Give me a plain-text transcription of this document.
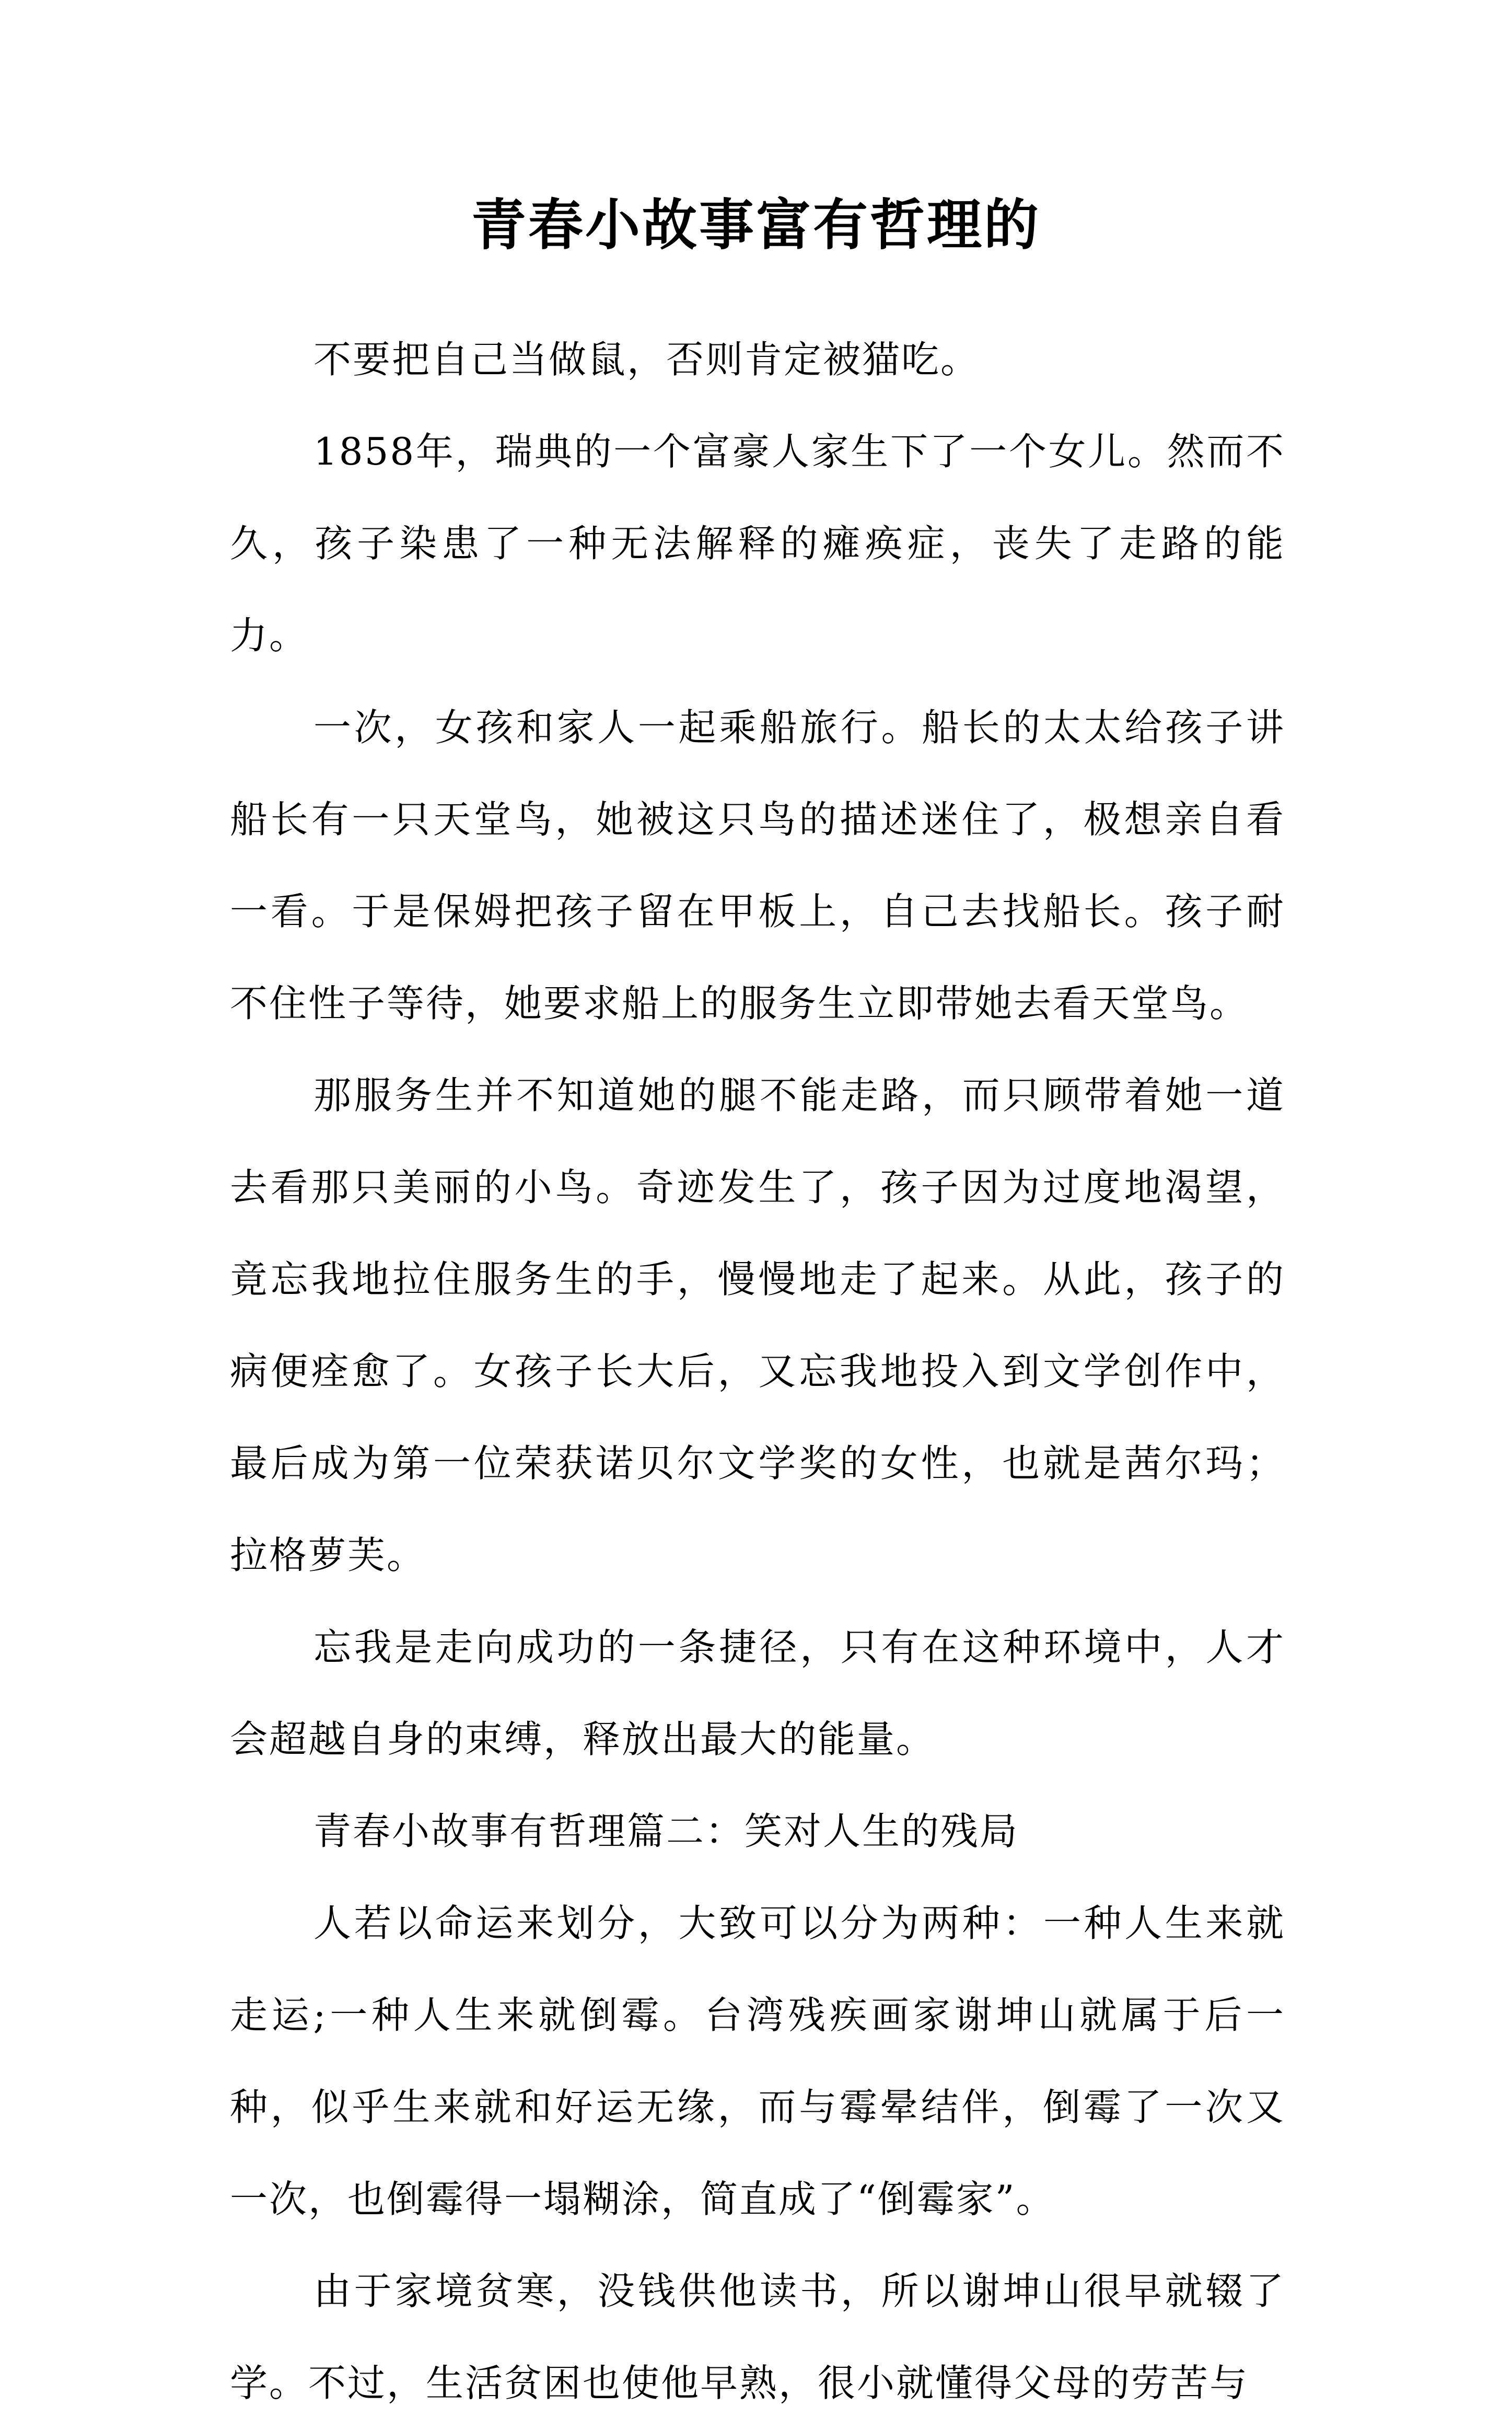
青春小故事富有哲理的

不要把自己当做鼠，否则肯定被猫吃。

1858年，瑞典的一个富豪人家生下了一个女儿。然而不久，孩子染患了一种无法解释的瘫痪症，丧失了走路的能力。

一次，女孩和家人一起乘船旅行。船长的太太给孩子讲船长有一只天堂鸟，她被这只鸟的描述迷住了，极想亲自看一看。于是保姆把孩子留在甲板上，自己去找船长。孩子耐不住性子等待，她要求船上的服务生立即带她去看天堂鸟。

那服务生并不知道她的腿不能走路，而只顾带着她一道去看那只美丽的小鸟。奇迹发生了，孩子因为过度地渴望，竟忘我地拉住服务生的手，慢慢地走了起来。从此，孩子的病便痊愈了。女孩子长大后，又忘我地投入到文学创作中，最后成为第一位荣获诺贝尔文学奖的女性，也就是茜尔玛；拉格萝芙。

忘我是走向成功的一条捷径，只有在这种环境中，人才会超越自身的束缚，释放出最大的能量。

青春小故事有哲理篇二：笑对人生的残局

人若以命运来划分，大致可以分为两种：一种人生来就走运;一种人生来就倒霉。台湾残疾画家谢坤山就属于后一种，似乎生来就和好运无缘，而与霉晕结伴，倒霉了一次又一次，也倒霉得一塌糊涂，简直成了“倒霉家”。

由于家境贫寒，没钱供他读书，所以谢坤山很早就辍了学。不过，生活贫困也使他早熟，很小就懂得父母的劳苦与
